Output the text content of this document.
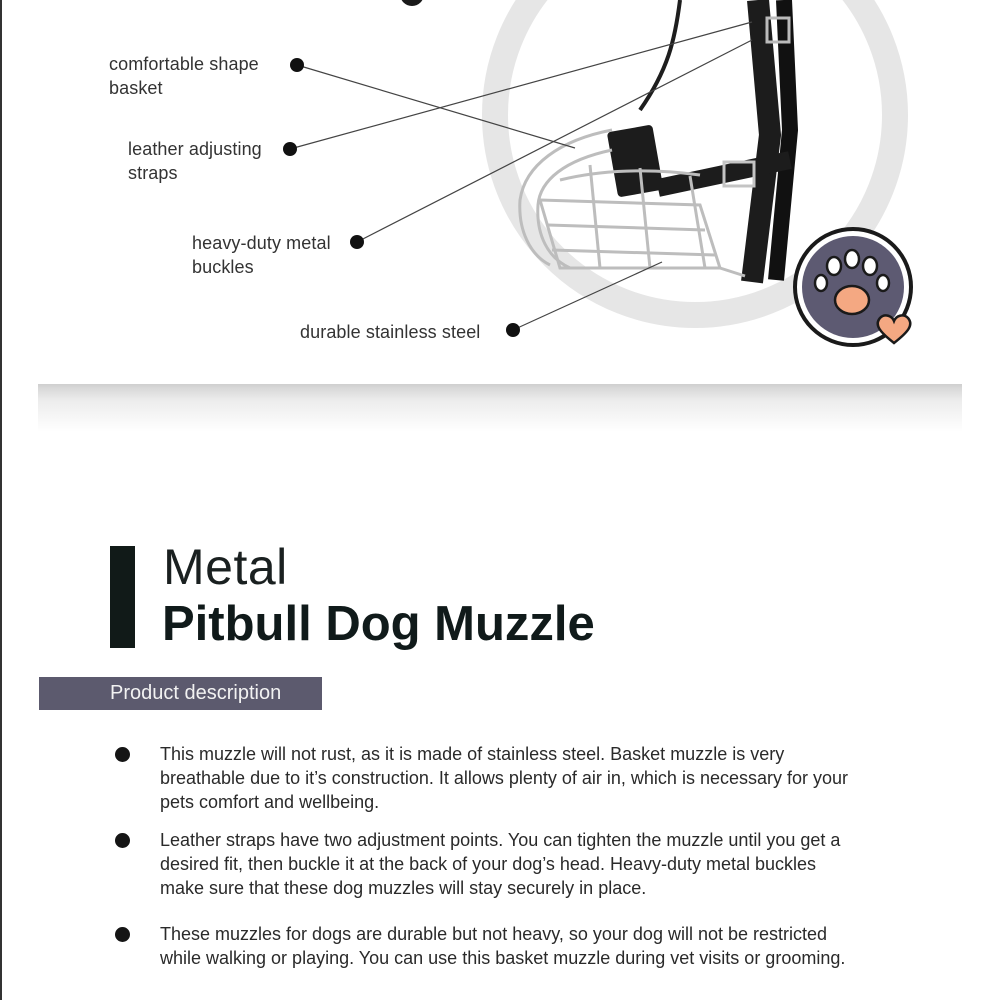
comfortable shape
basket

leather adjusting
straps

heavy-duty metal
buckles

durable stainless steel

Metal
Pitbull Dog Muzzle
Product description

This muzzle will not rust, as it is made of stainless steel. Basket muzzle is very breathable due to it’s construction. It allows plenty of air in, which is necessary for your pets comfort and wellbeing.

Leather straps have two adjustment points. You can tighten the muzzle until you get a desired fit, then buckle it at the back of your dog’s head. Heavy-duty metal buckles make sure that these dog muzzles will stay securely in place.

These muzzles for dogs are durable but not heavy, so your dog will not be restricted while walking or playing. You can use this basket muzzle during vet visits or grooming.
